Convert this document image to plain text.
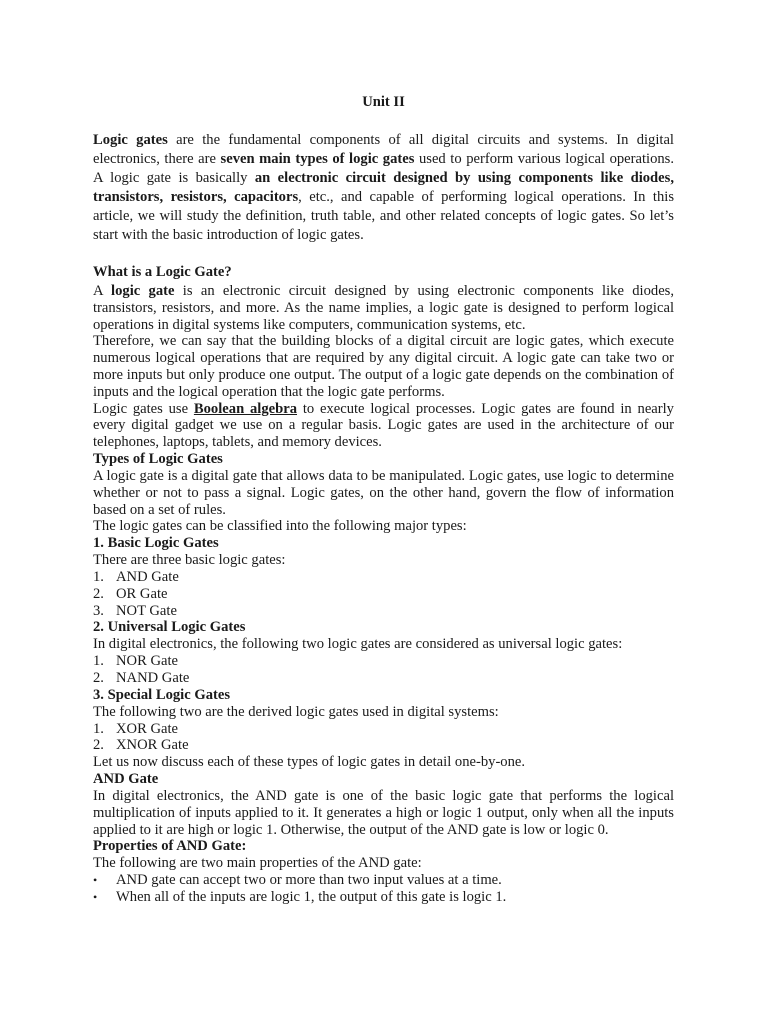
Unit II

Logic gates are the fundamental components of all digital circuits and systems. In digital electronics, there are seven main types of logic gates used to perform various logical operations. A logic gate is basically an electronic circuit designed by using components like diodes, transistors, resistors, capacitors, etc., and capable of performing logical operations. In this article, we will study the definition, truth table, and other related concepts of logic gates. So let’s start with the basic introduction of logic gates.

What is a Logic Gate?

A logic gate is an electronic circuit designed by using electronic components like diodes, transistors, resistors, and more. As the name implies, a logic gate is designed to perform logical operations in digital systems like computers, communication systems, etc.

Therefore, we can say that the building blocks of a digital circuit are logic gates, which execute numerous logical operations that are required by any digital circuit. A logic gate can take two or more inputs but only produce one output. The output of a logic gate depends on the combination of inputs and the logical operation that the logic gate performs.

Logic gates use Boolean algebra to execute logical processes. Logic gates are found in nearly every digital gadget we use on a regular basis. Logic gates are used in the architecture of our telephones, laptops, tablets, and memory devices.

Types of Logic Gates

A logic gate is a digital gate that allows data to be manipulated. Logic gates, use logic to determine whether or not to pass a signal. Logic gates, on the other hand, govern the flow of information based on a set of rules.

The logic gates can be classified into the following major types:

1. Basic Logic Gates

There are three basic logic gates:

1. AND Gate
2. OR Gate
3. NOT Gate
2. Universal Logic Gates

In digital electronics, the following two logic gates are considered as universal logic gates:

1. NOR Gate
2. NAND Gate
3. Special Logic Gates

The following two are the derived logic gates used in digital systems:

1. XOR Gate
2. XNOR Gate

Let us now discuss each of these types of logic gates in detail one-by-one.

AND Gate

In digital electronics, the AND gate is one of the basic logic gate that performs the logical multiplication of inputs applied to it. It generates a high or logic 1 output, only when all the inputs applied to it are high or logic 1. Otherwise, the output of the AND gate is low or logic 0.

Properties of AND Gate:

The following are two main properties of the AND gate:

• AND gate can accept two or more than two input values at a time.
• When all of the inputs are logic 1, the output of this gate is logic 1.
